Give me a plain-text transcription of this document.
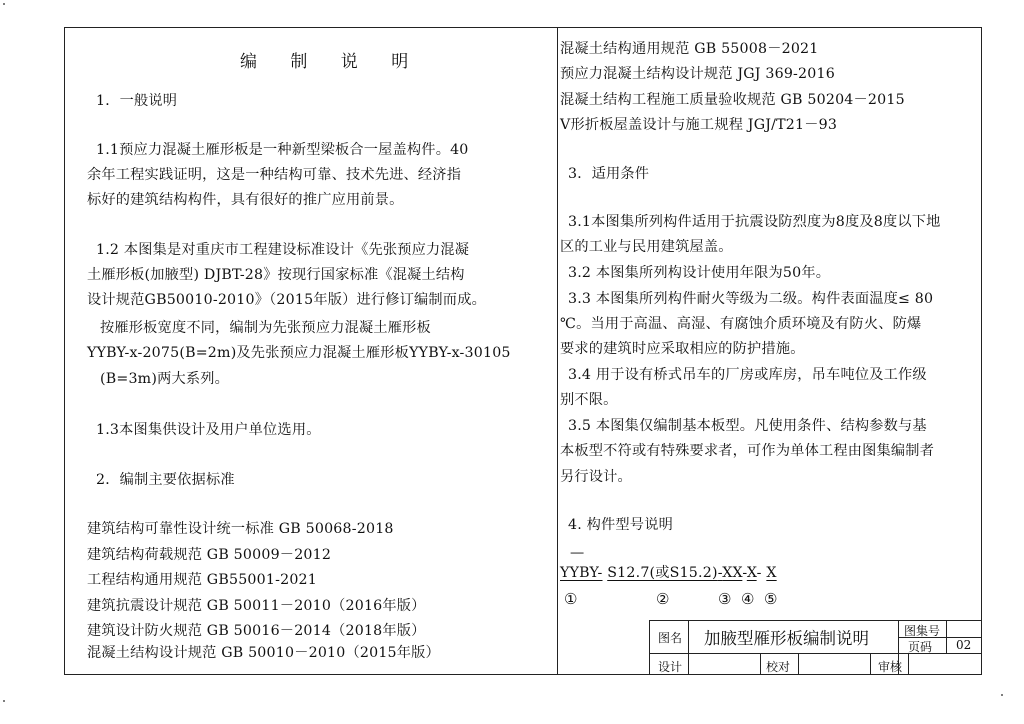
编 制 说 明
1．一般说明
1.1预应力混凝土雁形板是一种新型梁板合一屋盖构件。40
余年工程实践证明，这是一种结构可靠、技术先进、经济指
标好的建筑结构构件，具有很好的推广应用前景。
1.2 本图集是对重庆市工程建设标准设计《先张预应力混凝
土雁形板(加腋型) DJBT-28》按现行国家标准《混凝土结构
设计规范GB50010-2010》（2015年版）进行修订编制而成。
按雁形板宽度不同，编制为先张预应力混凝土雁形板
YYBY-x-2075(B=2m)及先张预应力混凝土雁形板YYBY-x-30105
(B=3m)两大系列。
1.3本图集供设计及用户单位选用。
2．编制主要依据标准
建筑结构可靠性设计统一标准 GB 50068-2018
建筑结构荷载规范 GB 50009－2012
工程结构通用规范 GB55001-2021
建筑抗震设计规范 GB 50011－2010（2016年版）
建筑设计防火规范 GB 50016－2014（2018年版）
混凝土结构设计规范 GB 50010－2010（2015年版）
混凝土结构通用规范 GB 55008－2021
预应力混凝土结构设计规范 JGJ 369-2016
混凝土结构工程施工质量验收规范 GB 50204－2015
V形折板屋盖设计与施工规程 JGJ/T21－93
3．适用条件
3.1本图集所列构件适用于抗震设防烈度为8度及8度以下地
区的工业与民用建筑屋盖。
3.2 本图集所列构设计使用年限为50年。
3.3 本图集所列构件耐火等级为二级。构件表面温度≤ 80
℃。当用于高温、高湿、有腐蚀介质环境及有防火、防爆
要求的建筑时应采取相应的防护措施。
3.4 用于设有桥式吊车的厂房或库房，吊车吨位及工作级
别不限。
3.5 本图集仅编制基本板型。凡使用条件、结构参数与基
本板型不符或有特殊要求者，可作为单体工程由图集编制者
另行设计。
4. 构件型号说明
—
YYBY- S12.7(或S15.2)-XX-X- X
①	②	③ ④ ⑤
图名 加腋型雁形板编制说明	图集号
页码 02
设计	校对	审核
